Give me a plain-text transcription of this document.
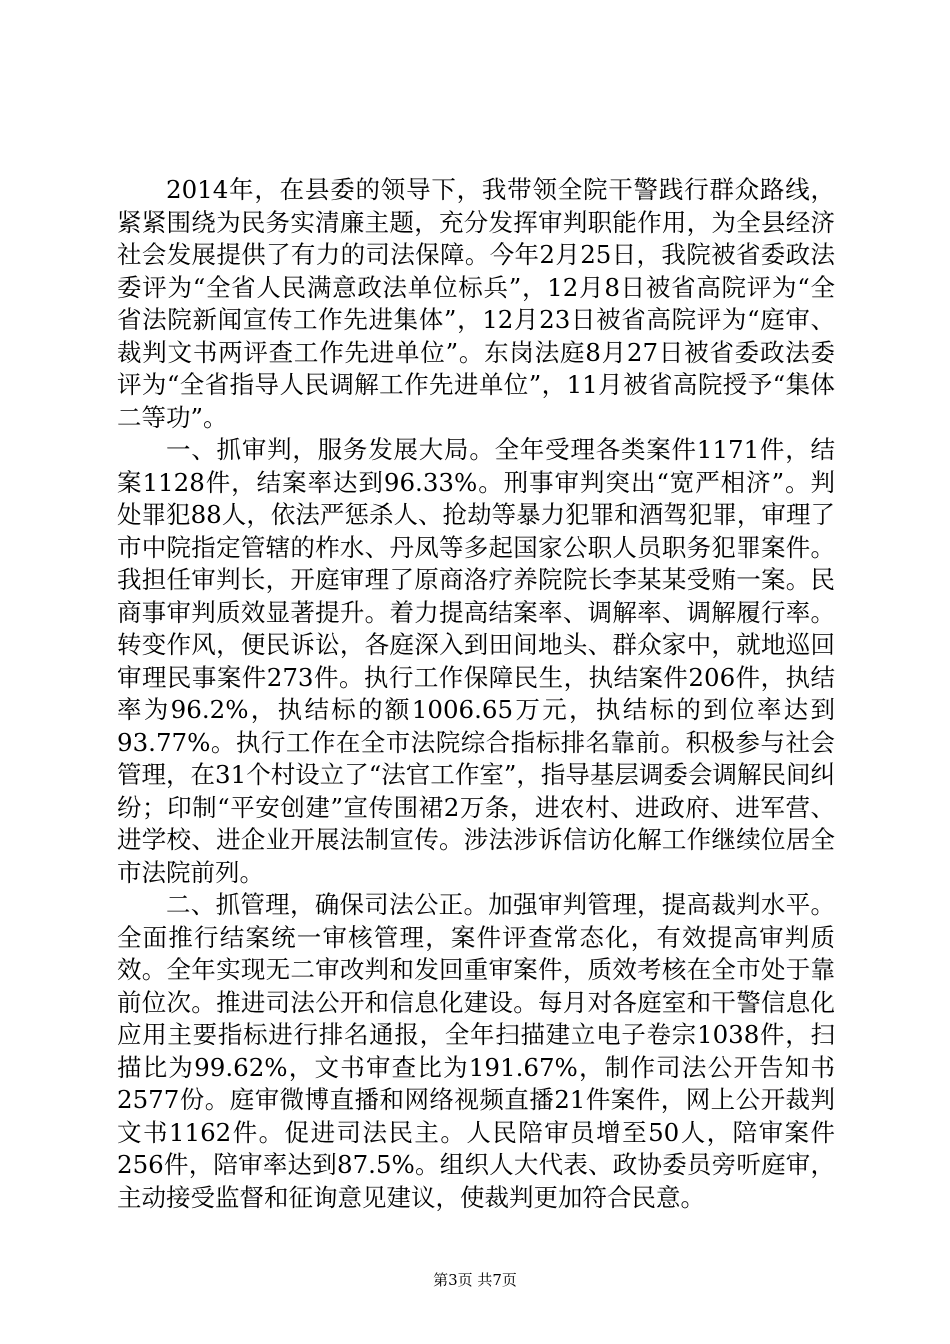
2014年，在县委的领导下，我带领全院干警践行群众路线，紧紧围绕为民务实清廉主题，充分发挥审判职能作用，为全县经济社会发展提供了有力的司法保障。今年2月25日，我院被省委政法委评为“全省人民满意政法单位标兵”，12月8日被省高院评为“全省法院新闻宣传工作先进集体”，12月23日被省高院评为“庭审、裁判文书两评查工作先进单位”。东岗法庭8月27日被省委政法委评为“全省指导人民调解工作先进单位”，11月被省高院授予“集体二等功”。

一、抓审判，服务发展大局。全年受理各类案件1171件，结案1128件，结案率达到96.33%。刑事审判突出“宽严相济”。判处罪犯88人，依法严惩杀人、抢劫等暴力犯罪和酒驾犯罪，审理了市中院指定管辖的柞水、丹凤等多起国家公职人员职务犯罪案件。我担任审判长，开庭审理了原商洛疗养院院长李某某受贿一案。民商事审判质效显著提升。着力提高结案率、调解率、调解履行率。转变作风，便民诉讼，各庭深入到田间地头、群众家中，就地巡回审理民事案件273件。执行工作保障民生，执结案件206件，执结率为96.2%，执结标的额1006.65万元，执结标的到位率达到93.77%。执行工作在全市法院综合指标排名靠前。积极参与社会管理，在31个村设立了“法官工作室”，指导基层调委会调解民间纠纷；印制“平安创建”宣传围裙2万条，进农村、进政府、进军营、进学校、进企业开展法制宣传。涉法涉诉信访化解工作继续位居全市法院前列。

二、抓管理，确保司法公正。加强审判管理，提高裁判水平。全面推行结案统一审核管理，案件评查常态化，有效提高审判质效。全年实现无二审改判和发回重审案件，质效考核在全市处于靠前位次。推进司法公开和信息化建设。每月对各庭室和干警信息化应用主要指标进行排名通报，全年扫描建立电子卷宗1038件，扫描比为99.62%，文书审查比为191.67%，制作司法公开告知书2577份。庭审微博直播和网络视频直播21件案件，网上公开裁判文书1162件。促进司法民主。人民陪审员增至50人，陪审案件256件，陪审率达到87.5%。组织人大代表、政协委员旁听庭审，主动接受监督和征询意见建议，使裁判更加符合民意。

第3页 共7页
